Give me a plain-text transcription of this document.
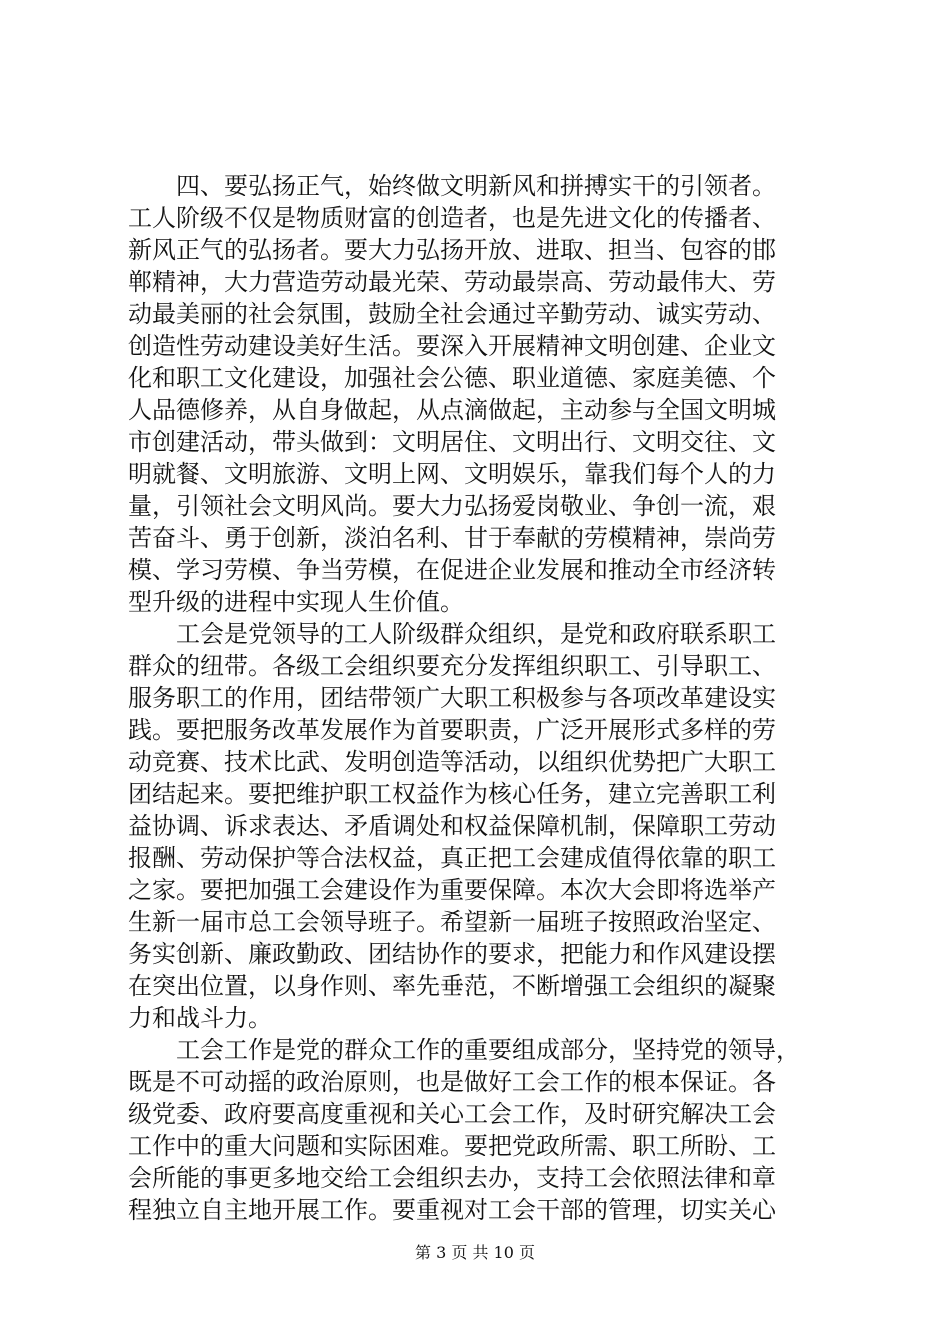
　　四、要弘扬正气，始终做文明新风和拼搏实干的引领者。
工人阶级不仅是物质财富的创造者，也是先进文化的传播者、
新风正气的弘扬者。要大力弘扬开放、进取、担当、包容的邯
郸精神，大力营造劳动最光荣、劳动最崇高、劳动最伟大、劳
动最美丽的社会氛围，鼓励全社会通过辛勤劳动、诚实劳动、
创造性劳动建设美好生活。要深入开展精神文明创建、企业文
化和职工文化建设，加强社会公德、职业道德、家庭美德、个
人品德修养，从自身做起，从点滴做起，主动参与全国文明城
市创建活动，带头做到：文明居住、文明出行、文明交往、文
明就餐、文明旅游、文明上网、文明娱乐，靠我们每个人的力
量，引领社会文明风尚。要大力弘扬爱岗敬业、争创一流，艰
苦奋斗、勇于创新，淡泊名利、甘于奉献的劳模精神，崇尚劳
模、学习劳模、争当劳模，在促进企业发展和推动全市经济转
型升级的进程中实现人生价值。
　　工会是党领导的工人阶级群众组织，是党和政府联系职工
群众的纽带。各级工会组织要充分发挥组织职工、引导职工、
服务职工的作用，团结带领广大职工积极参与各项改革建设实
践。要把服务改革发展作为首要职责，广泛开展形式多样的劳
动竞赛、技术比武、发明创造等活动，以组织优势把广大职工
团结起来。要把维护职工权益作为核心任务，建立完善职工利
益协调、诉求表达、矛盾调处和权益保障机制，保障职工劳动
报酬、劳动保护等合法权益，真正把工会建成值得依靠的职工
之家。要把加强工会建设作为重要保障。本次大会即将选举产
生新一届市总工会领导班子。希望新一届班子按照政治坚定、
务实创新、廉政勤政、团结协作的要求，把能力和作风建设摆
在突出位置，以身作则、率先垂范，不断增强工会组织的凝聚
力和战斗力。
　　工会工作是党的群众工作的重要组成部分，坚持党的领导，
既是不可动摇的政治原则，也是做好工会工作的根本保证。各
级党委、政府要高度重视和关心工会工作，及时研究解决工会
工作中的重大问题和实际困难。要把党政所需、职工所盼、工
会所能的事更多地交给工会组织去办，支持工会依照法律和章
程独立自主地开展工作。要重视对工会干部的管理，切实关心
第 3 页 共 10 页
